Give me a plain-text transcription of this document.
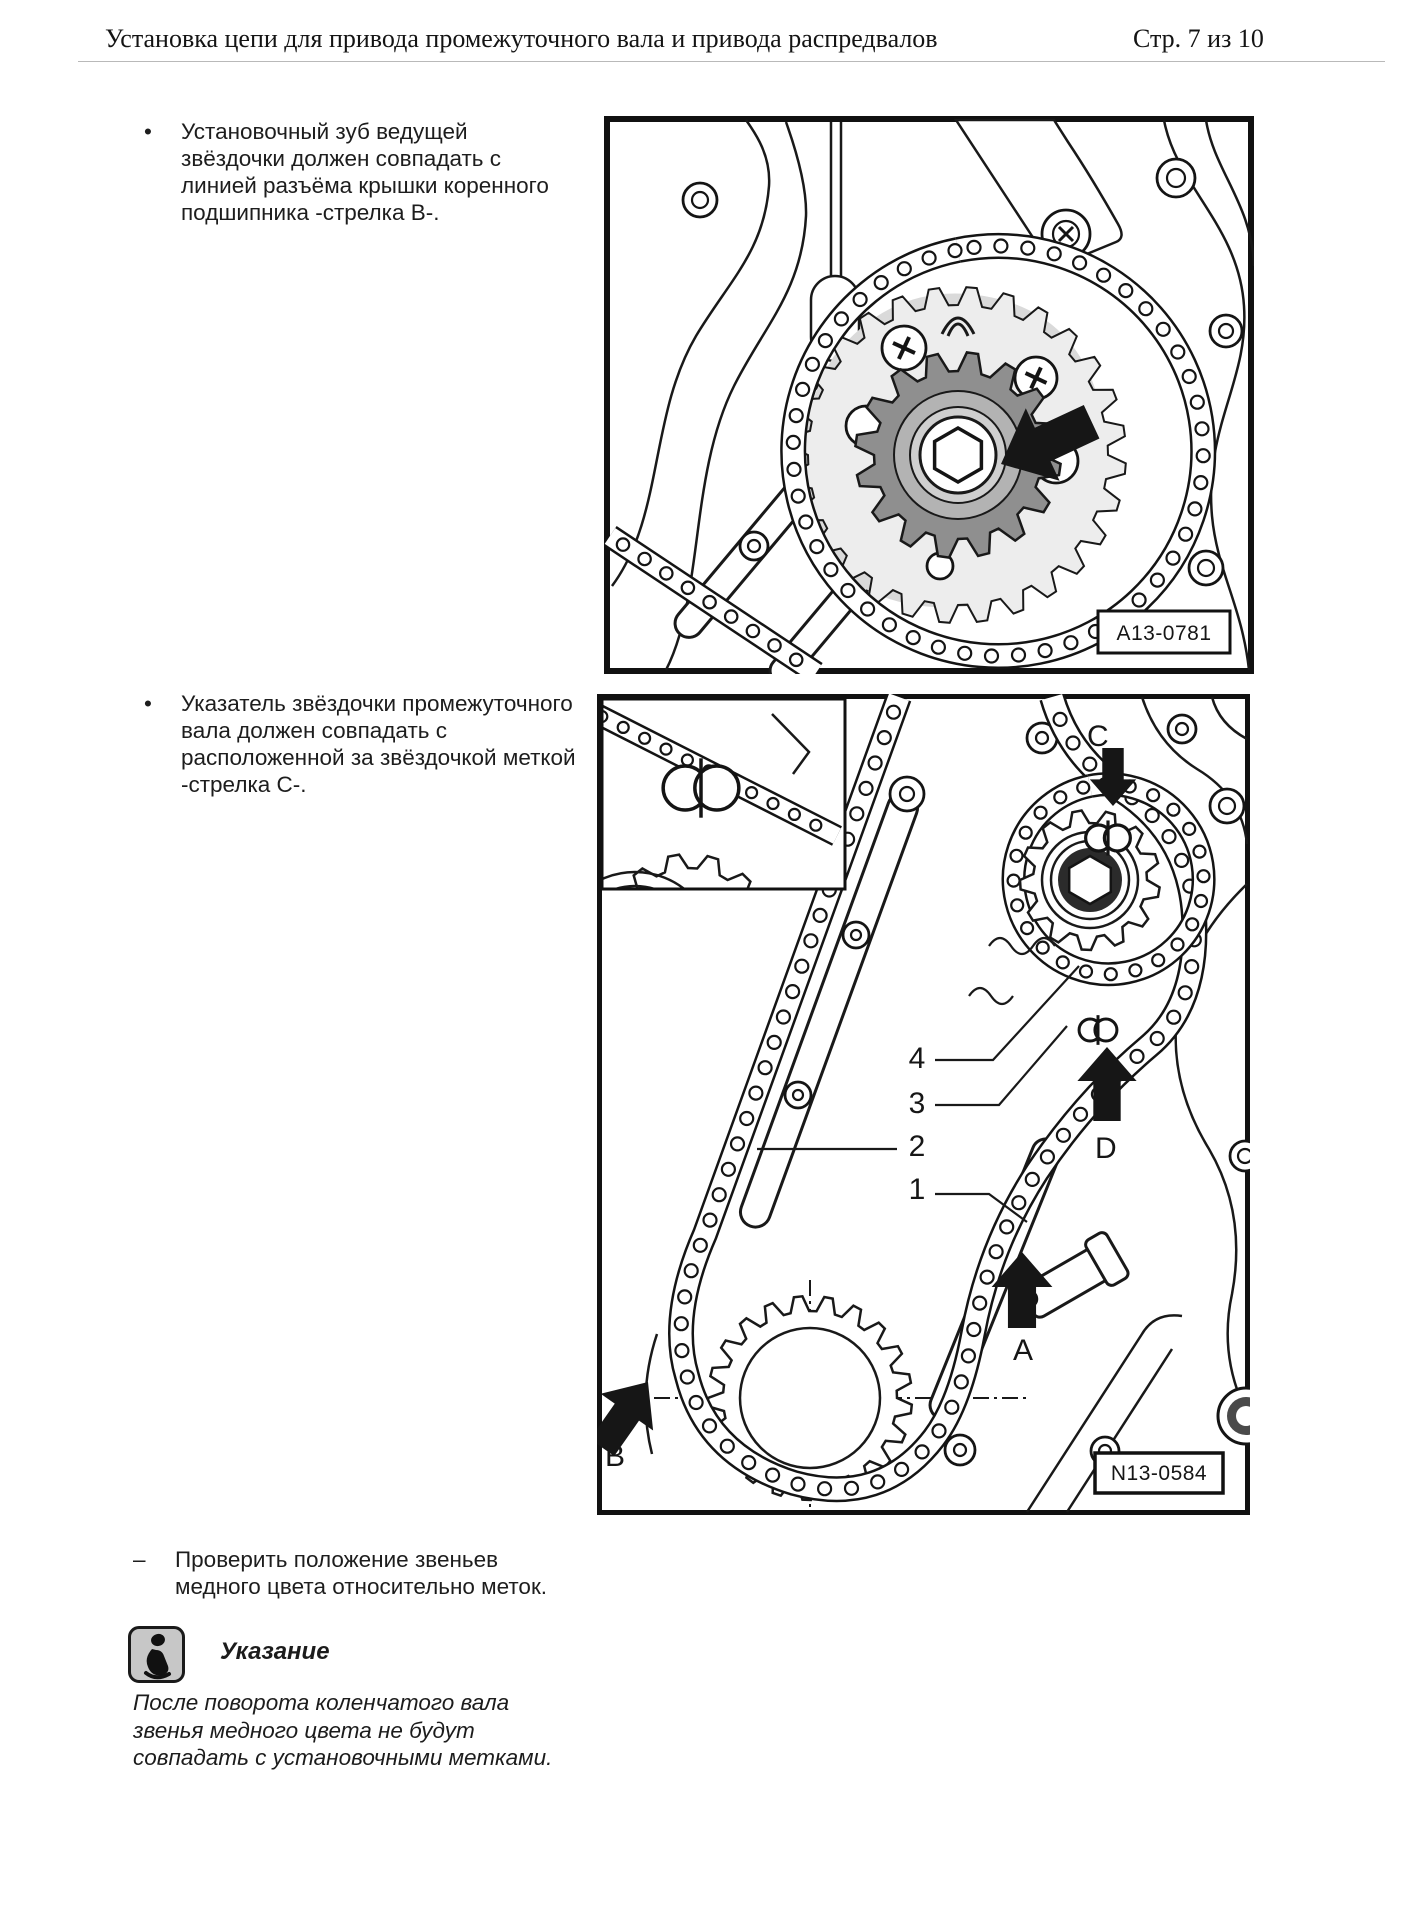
Установка цепи для привода промежуточного вала и привода распредвалов	Стр. 7 из 10
• Установочный зуб ведущей
звёздочки должен совпадать с
линией разъёма крышки коренного
подшипника -стрелка B-.
A13-0781
• Указатель звёздочки промежуточного
вала должен совпадать с
расположенной за звёздочкой меткой
-стрелка C-.
C
D
A
B
4
3
2
1
N13-0584
– Проверить положение звеньев
медного цвета относительно меток.
Указание
После поворота коленчатого вала
звенья медного цвета не будут
совпадать с установочными метками.
